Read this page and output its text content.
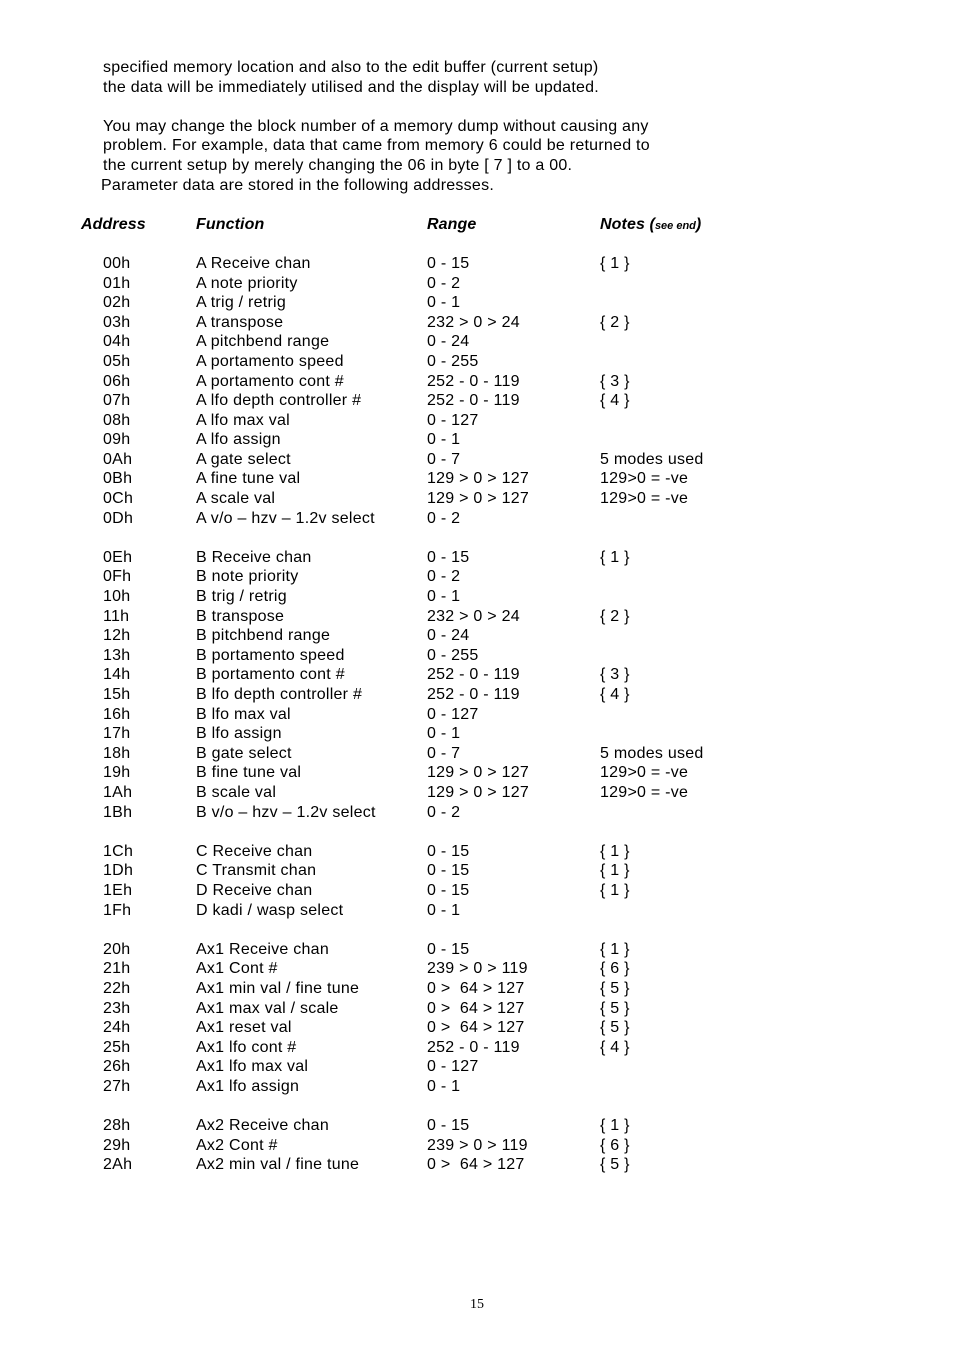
specified memory location and also to the edit buffer (current setup)
the data will be immediately utilised and the display will be updated.
You may change the block number of a memory dump without causing any
problem. For example, data that came from memory 6 could be returned to
the current setup by merely changing the 06 in byte [ 7 ] to a 00.
Parameter data are stored in the following addresses.
Address	Function	Range	Notes (see end)
00h	A Receive chan	0 - 15	{ 1 }
01h	A note priority	0 - 2
02h	A trig / retrig	0 - 1
03h	A transpose	232 > 0 > 24	{ 2 }
04h	A pitchbend range	0 - 24
05h	A portamento speed	0 - 255
06h	A portamento cont #	252 - 0 - 119	{ 3 }
07h	A lfo depth controller #	252 - 0 - 119	{ 4 }
08h	A lfo max val	0 - 127
09h	A lfo assign	0 - 1
0Ah	A gate select	0 - 7	5 modes used
0Bh	A fine tune val	129 > 0 > 127	129>0 = -ve
0Ch	A scale val	129 > 0 > 127	129>0 = -ve
0Dh	A v/o – hzv – 1.2v select	0 - 2
0Eh	B Receive chan	0 - 15	{ 1 }
0Fh	B note priority	0 - 2
10h	B trig / retrig	0 - 1
11h	B transpose	232 > 0 > 24	{ 2 }
12h	B pitchbend range	0 - 24
13h	B portamento speed	0 - 255
14h	B portamento cont #	252 - 0 - 119	{ 3 }
15h	B lfo depth controller #	252 - 0 - 119	{ 4 }
16h	B lfo max val	0 - 127
17h	B lfo assign	0 - 1
18h	B gate select	0 - 7	5 modes used
19h	B fine tune val	129 > 0 > 127	129>0 = -ve
1Ah	B scale val	129 > 0 > 127	129>0 = -ve
1Bh	B v/o – hzv – 1.2v select	0 - 2
1Ch	C Receive chan	0 - 15	{ 1 }
1Dh	C Transmit chan	0 - 15	{ 1 }
1Eh	D Receive chan	0 - 15	{ 1 }
1Fh	D kadi / wasp select	0 - 1
20h	Ax1 Receive chan	0 - 15	{ 1 }
21h	Ax1 Cont #	239 > 0 > 119	{ 6 }
22h	Ax1 min val / fine tune	0 >  64 > 127	{ 5 }
23h	Ax1 max val / scale	0 >  64 > 127	{ 5 }
24h	Ax1 reset val	0 >  64 > 127	{ 5 }
25h	Ax1 lfo cont #	252 - 0 - 119	{ 4 }
26h	Ax1 lfo max val	0 - 127
27h	Ax1 lfo assign	0 - 1
28h	Ax2 Receive chan	0 - 15	{ 1 }
29h	Ax2 Cont #	239 > 0 > 119	{ 6 }
2Ah	Ax2 min val / fine tune	0 >  64 > 127	{ 5 }
15
